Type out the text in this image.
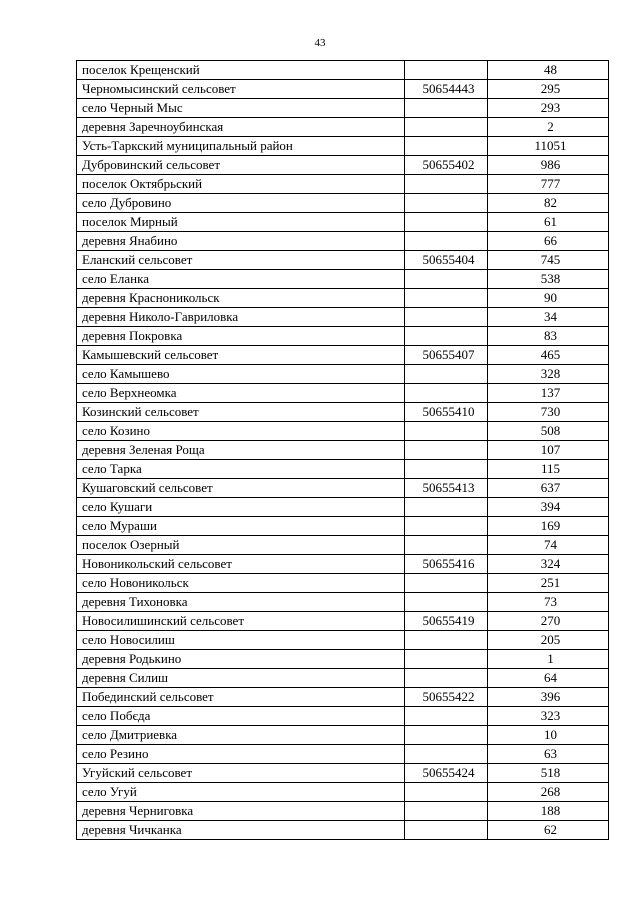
43
поселок Крещенский		48
Черномысинский сельсовет	50654443	295
село Черный Мыс		293
деревня Заречноубинская		2
Усть-Таркский муниципальный район		11051
Дубровинский сельсовет	50655402	986
поселок Октябрьский		777
село Дубровино		82
поселок Мирный		61
деревня Янабино		66
Еланский сельсовет	50655404	745
село Еланка		538
деревня Красноникольск		90
деревня Николо-Гавриловка		34
деревня Покровка		83
Камышевский сельсовет	50655407	465
село Камышево		328
село Верхнеомка		137
Козинский сельсовет	50655410	730
село Козино		508
деревня Зеленая Роща		107
село Тарка		115
Кушаговский сельсовет	50655413	637
село Кушаги		394
село Мураши		169
поселок Озерный		74
Новоникольский сельсовет	50655416	324
село Новоникольск		251
деревня Тихоновка		73
Новосилишинский сельсовет	50655419	270
село Новосилиш		205
деревня Родькино		1
деревня Силиш		64
Побединский сельсовет	50655422	396
село Побєда		323
село Дмитриевка		10
село Резино		63
Угуйский сельсовет	50655424	518
село Угуй		268
деревня Черниговка		188
деревня Чичканка		62
